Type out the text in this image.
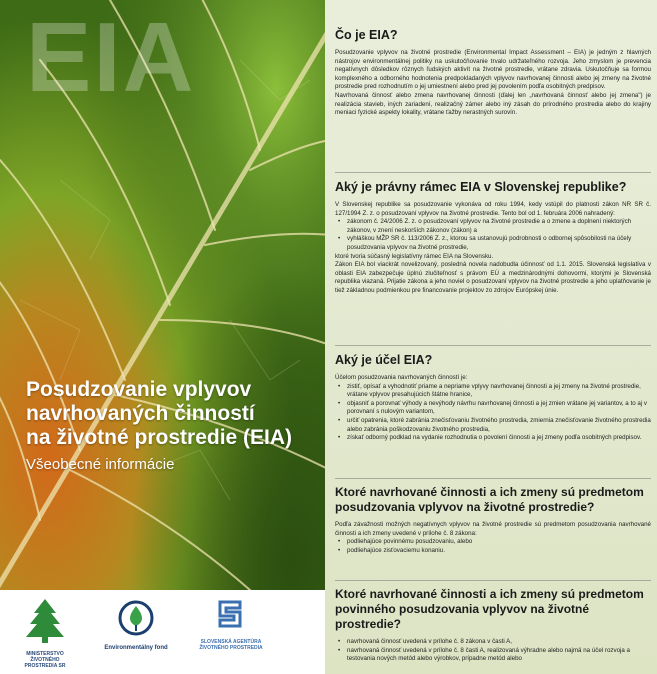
EIA
Posudzovanie vplyvov
navrhovaných činností
na životné prostredie (EIA)

Všeobecné informácie

MINISTERSTVO ŽIVOTNÉHO PROSTREDIA SR
Environmentálny fond
SLOVENSKÁ AGENTÚRA
ŽIVOTNÉHO PROSTREDIA
Čo je EIA?

Posudzovanie vplyvov na životné prostredie (Environmental Impact Assessment – EIA) je jedným z hlavných nástrojov environmentálnej politiky na uskutočňovanie trvalo udržateľného rozvoja. Jeho zmyslom je prevencia negatívnych dôsledkov rôznych ľudských aktivít na životné prostredie, vrátane zdravia. Uskutočňuje sa formou komplexného a odborného hodnotenia predpokladaných vplyvov navrhovanej činnosti alebo jej zmeny na životné prostredie pred rozhodnutím o jej umiestnení alebo pred jej povolením podľa osobitných predpisov.

Navrhovaná činnosť alebo zmena navrhovanej činnosti (ďalej len „navrhovaná činnosť alebo jej zmena") je realizácia stavieb, iných zariadení, realizačný zámer alebo iný zásah do prírodného prostredia alebo do krajiny meniaci fyzické aspekty lokality, vrátane ťažby nerastných surovín.

Aký je právny rámec EIA v Slovenskej republike?

V Slovenskej republike sa posudzovanie vykonáva od roku 1994, kedy vstúpil do platnosti zákon NR SR č. 127/1994 Z. z. o posudzovaní vplyvov na životné prostredie. Tento bol od 1. februára 2006 nahradený:

• zákonom č. 24/2006 Z. z. o posudzovaní vplyvov na životné prostredie a o zmene a doplnení niektorých zákonov, v znení neskorších zákonov (zákon) a
• vyhláškou MŽP SR č. 113/2006 Z. z., ktorou sa ustanovujú podrobnosti o odbornej spôsobilosti na účely posudzovania vplyvov na životné prostredie,

ktoré tvoria súčasný legislatívny rámec EIA na Slovensku.

Zákon EIA bol viackrát novelizovaný, posledná novela nadobudla účinnosť od 1.1. 2015. Slovenská legislatíva v oblasti EIA zabezpečuje úplnú zlučiteľnosť s právom EÚ a medzinárodnými dohovormi, ktorými je Slovenská republika viazaná. Prijatie zákona a jeho noviel o posudzovaní vplyvov na životné prostredie a jeho uplatňovanie je tiež základnou podmienkou pre financovanie projektov zo zdrojov Európskej únie.

Aký je účel EIA?

Účelom posudzovania navrhovaných činností je:

• zistiť, opísať a vyhodnotiť priame a nepriame vplyvy navrhovanej činnosti a jej zmeny na životné prostredie, vrátane vplyvov presahujúcich štátne hranice,
• objasniť a porovnať výhody a nevýhody návrhu navrhovanej činnosti a jej zmien vrátane jej variantov, a to aj v porovnaní s nulovým variantom,
• určiť opatrenia, ktoré zabránia znečisťovaniu životného prostredia, zmiernia znečisťovanie životného prostredia alebo zabránia poškodzovaniu životného prostredia,
• získať odborný podklad na vydanie rozhodnutia o povolení činnosti a jej zmeny podľa osobitných predpisov.
Ktoré navrhované činnosti a ich zmeny sú predmetom posudzovania vplyvov na životné prostredie?

Podľa závažnosti možných negatívnych vplyvov na životné prostredie sú predmetom posudzovania navrhované činnosti a ich zmeny uvedené v prílohe č. 8 zákona:

• podliehajúce povinnému posudzovaniu, alebo
• podliehajúce zisťovaciemu konaniu.
Ktoré navrhované činnosti a ich zmeny sú predmetom povinného posudzovania vplyvov na životné prostredie?
• navrhovaná činnosť uvedená v prílohe č. 8 zákona v časti A,
• navrhovaná činnosť uvedená v prílohe č. 8 časti A, realizovaná výhradne alebo najmä na účel rozvoja a testovania nových metód alebo výrobkov, prípadne metód alebo
